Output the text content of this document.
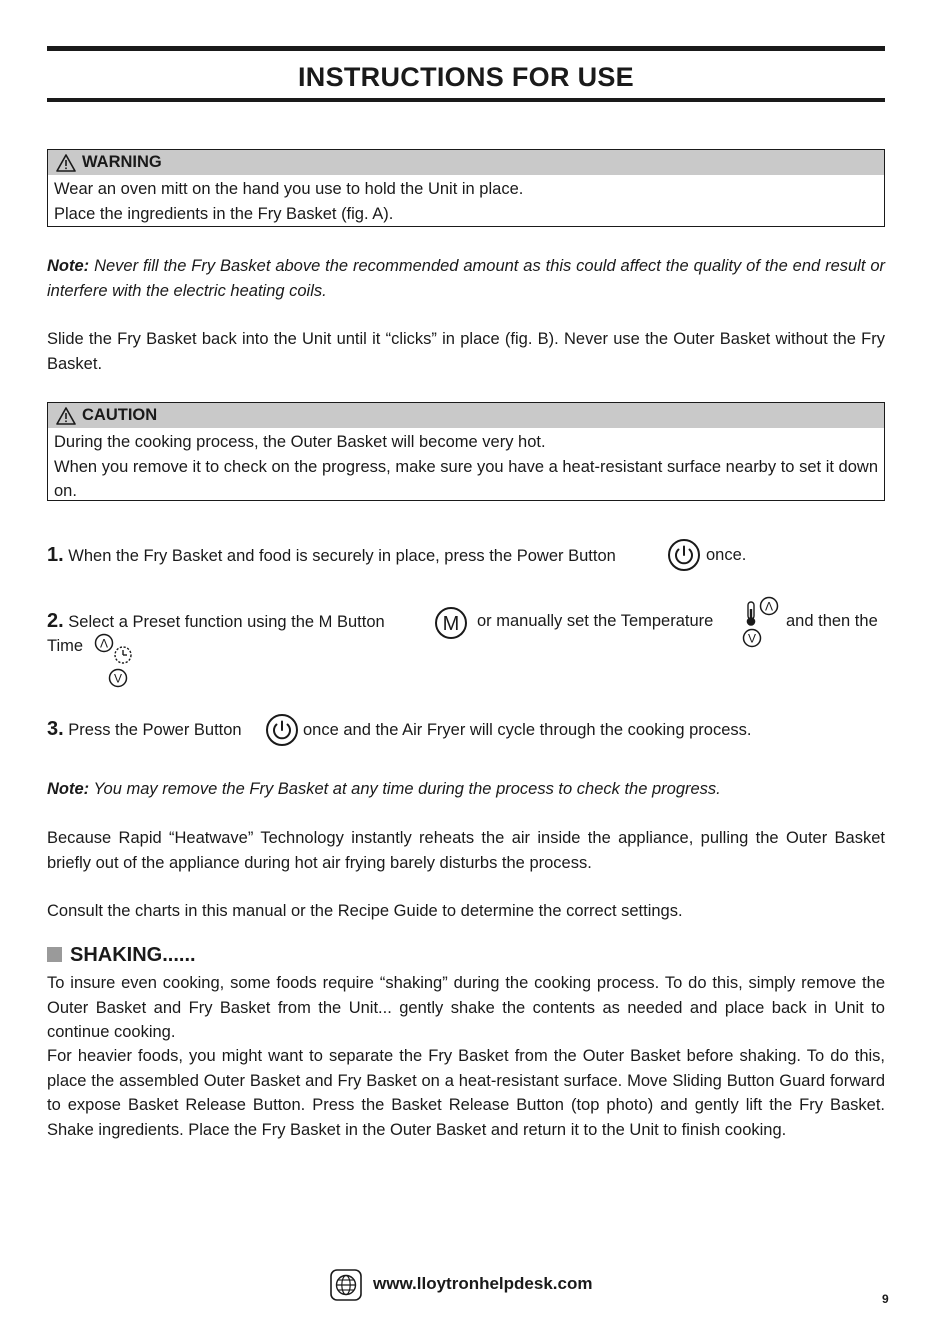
INSTRUCTIONS FOR USE
WARNING

Wear an oven mitt on the hand you use to hold the Unit in place.

Place the ingredients in the Fry Basket (fig. A).

Note: Never fill the Fry Basket above the recommended amount as this could affect the quality of the end result or interfere with the electric heating coils.
Slide the Fry Basket back into the Unit until it “clicks” in place (fig. B). Never use the Outer Basket without the Fry Basket.
CAUTION

During the cooking process, the Outer Basket will become very hot.

When you remove it to check on the progress, make sure you have a heat-resistant surface nearby to set it down on.

1. When the Fry Basket and food is securely in place, press the Power Button	once.
2. Select a Preset function using the M Button	M or manually set the Temperature
Λ
V
and then the
Time Λ
V
3. Press the Power Button	once and the Air Fryer will cycle through the cooking process.
Note: You may remove the Fry Basket at any time during the process to check the progress.
Because Rapid “Heatwave” Technology instantly reheats the air inside the appliance, pulling the Outer Basket briefly out of the appliance during hot air frying barely disturbs the process.
Consult the charts in this manual or the Recipe Guide to determine the correct settings.
SHAKING......
To insure even cooking, some foods require “shaking” during the cooking process. To do this, simply remove the Outer Basket and Fry Basket from the Unit... gently shake the contents as needed and place back in Unit to continue cooking.
For heavier foods, you might want to separate the Fry Basket from the Outer Basket before shaking. To do this, place the assembled Outer Basket and Fry Basket on a heat-resistant surface. Move Sliding Button Guard forward to expose Basket Release Button. Press the Basket Release Button (top photo) and gently lift the Fry Basket. Shake ingredients. Place the Fry Basket in the Outer Basket and return it to the Unit to finish cooking.
www.lloytronhelpdesk.com
9
